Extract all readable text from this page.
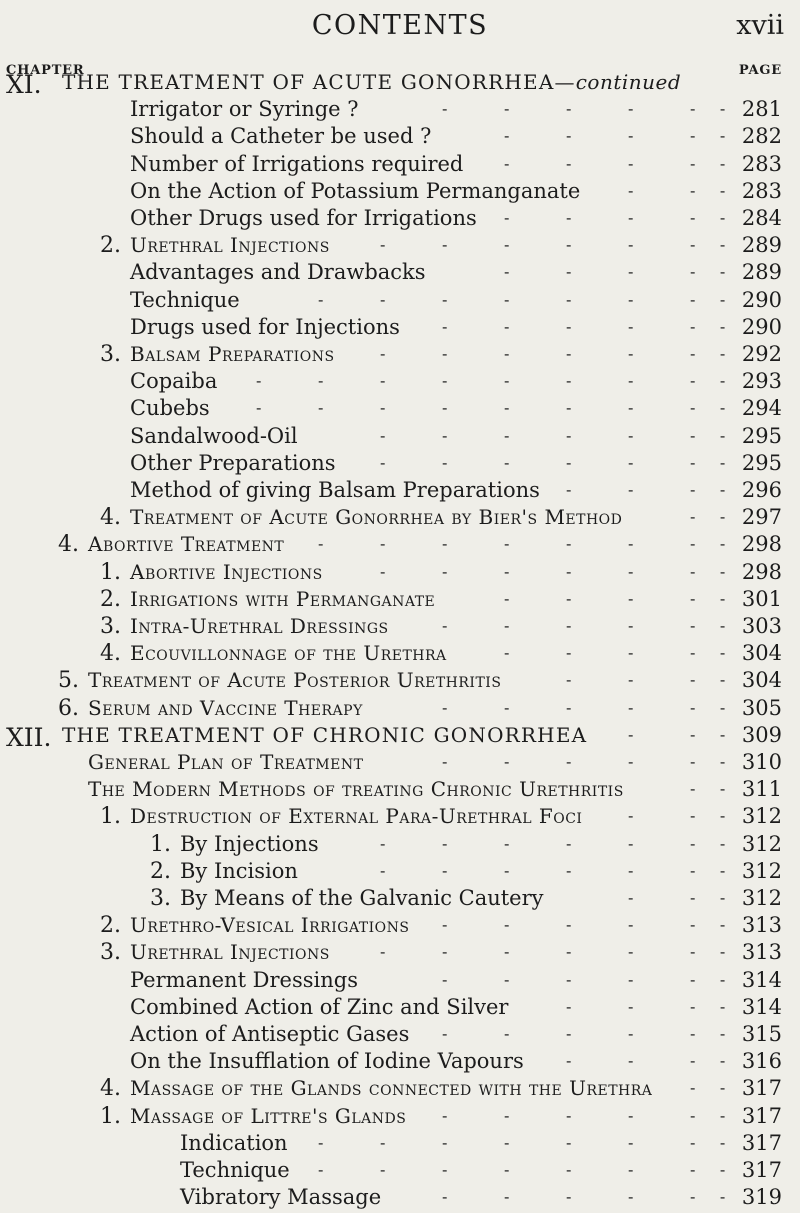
CONTENTS	xvii
CHAPTER	PAGE
XI. THE TREATMENT OF ACUTE GONORRHEA—continued
Irrigator or Syringe ?	281
-	-	-	-	- -
Should a Catheter be used ?	282
-	-	-	- -
Number of Irrigations required	283
-	-	-	- -
On the Action of Potassium Permanganate	283
-	- -
Other Drugs used for Irrigations	284
-	-	-	- -
2. Urethral Injections	289
-	-	-	-	-	- -
Advantages and Drawbacks	289
-	-	-	- -
Technique	290
-	-	-	-	-	-	- -
Drugs used for Injections	290
-	-	-	-	- -
3. Balsam Preparations	292
-	-	-	-	-	- -
Copaiba	293
-	-	-	-	-	-	-	- -
Cubebs	294
-	-	-	-	-	-	-	- -
Sandalwood-Oil	295
-	-	-	-	-	- -
Other Preparations	295
-	-	-	-	-	- -
Method of giving Balsam Preparations	296
-	-	- -
4. Treatment of Acute Gonorrhea by Bier's Method	297
- -
4. Abortive Treatment	298
-	-	-	-	-	-	- -
1. Abortive Injections	298
-	-	-	-	-	- -
2. Irrigations with Permanganate	301
-	-	-	- -
3. Intra-Urethral Dressings	303
-	-	-	-	- -
4. Ecouvillonnage of the Urethra	304
-	-	-	- -
5. Treatment of Acute Posterior Urethritis	304
-	-	- -
6. Serum and Vaccine Therapy	305
-	-	-	-	- -
XII. THE TREATMENT OF CHRONIC GONORRHEA	309
-	- -
General Plan of Treatment	310
-	-	-	-	- -
The Modern Methods of treating Chronic Urethritis	311
- -
1. Destruction of External Para-Urethral Foci	312
-	- -
1. By Injections	312
-	-	-	-	-	- -
2. By Incision	312
-	-	-	-	-	- -
3. By Means of the Galvanic Cautery	312
-	- -
2. Urethro-Vesical Irrigations	313
-	-	-	-	- -
3. Urethral Injections	313
-	-	-	-	-	- -
Permanent Dressings	314
-	-	-	-	- -
Combined Action of Zinc and Silver	314
-	-	- -
Action of Antiseptic Gases	315
-	-	-	-	- -
On the Insufflation of Iodine Vapours	316
-	-	- -
4. Massage of the Glands connected with the Urethra	317
- -
1. Massage of Littre's Glands	317
-	-	-	-	- -
Indication	317
-	-	-	-	-	-	- -
Technique	317
-	-	-	-	-	-	- -
Vibratory Massage	319
-	-	-	-	- -
